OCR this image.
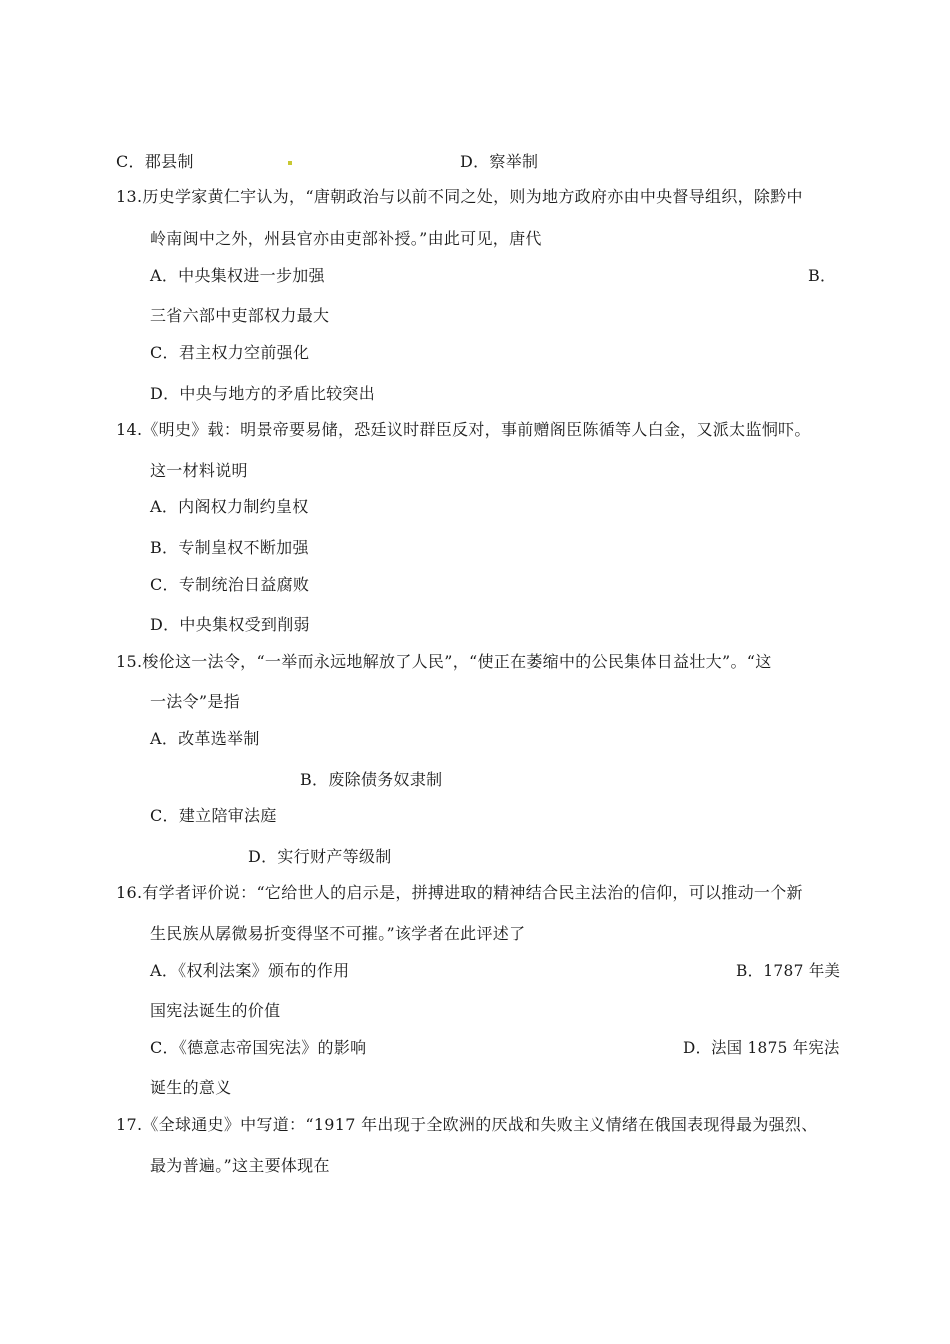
C．郡县制	D．察举制
13.历史学家黄仁宇认为，“唐朝政治与以前不同之处，则为地方政府亦由中央督导组织，除黔中
岭南闽中之外，州县官亦由吏部补授。”由此可见，唐代
A．中央集权进一步加强	B．
三省六部中吏部权力最大
C．君主权力空前强化
D．中央与地方的矛盾比较突出
14.《明史》载：明景帝要易储，恐廷议时群臣反对，事前赠阁臣陈循等人白金，又派太监恫吓。
这一材料说明
A．内阁权力制约皇权
B．专制皇权不断加强
C．专制统治日益腐败
D．中央集权受到削弱
15.梭伦这一法令，“一举而永远地解放了人民”，“使正在萎缩中的公民集体日益壮大”。“这
一法令”是指
A．改革选举制
B．废除债务奴隶制
C．建立陪审法庭
D．实行财产等级制
16.有学者评价说：“它给世人的启示是，拼搏进取的精神结合民主法治的信仰，可以推动一个新
生民族从孱微易折变得坚不可摧。”该学者在此评述了
A．《权利法案》颁布的作用	B．1787 年美
国宪法诞生的价值
C．《德意志帝国宪法》的影响	D．法国 1875 年宪法
诞生的意义
17.《全球通史》中写道：“1917 年出现于全欧洲的厌战和失败主义情绪在俄国表现得最为强烈、
最为普遍。”这主要体现在
